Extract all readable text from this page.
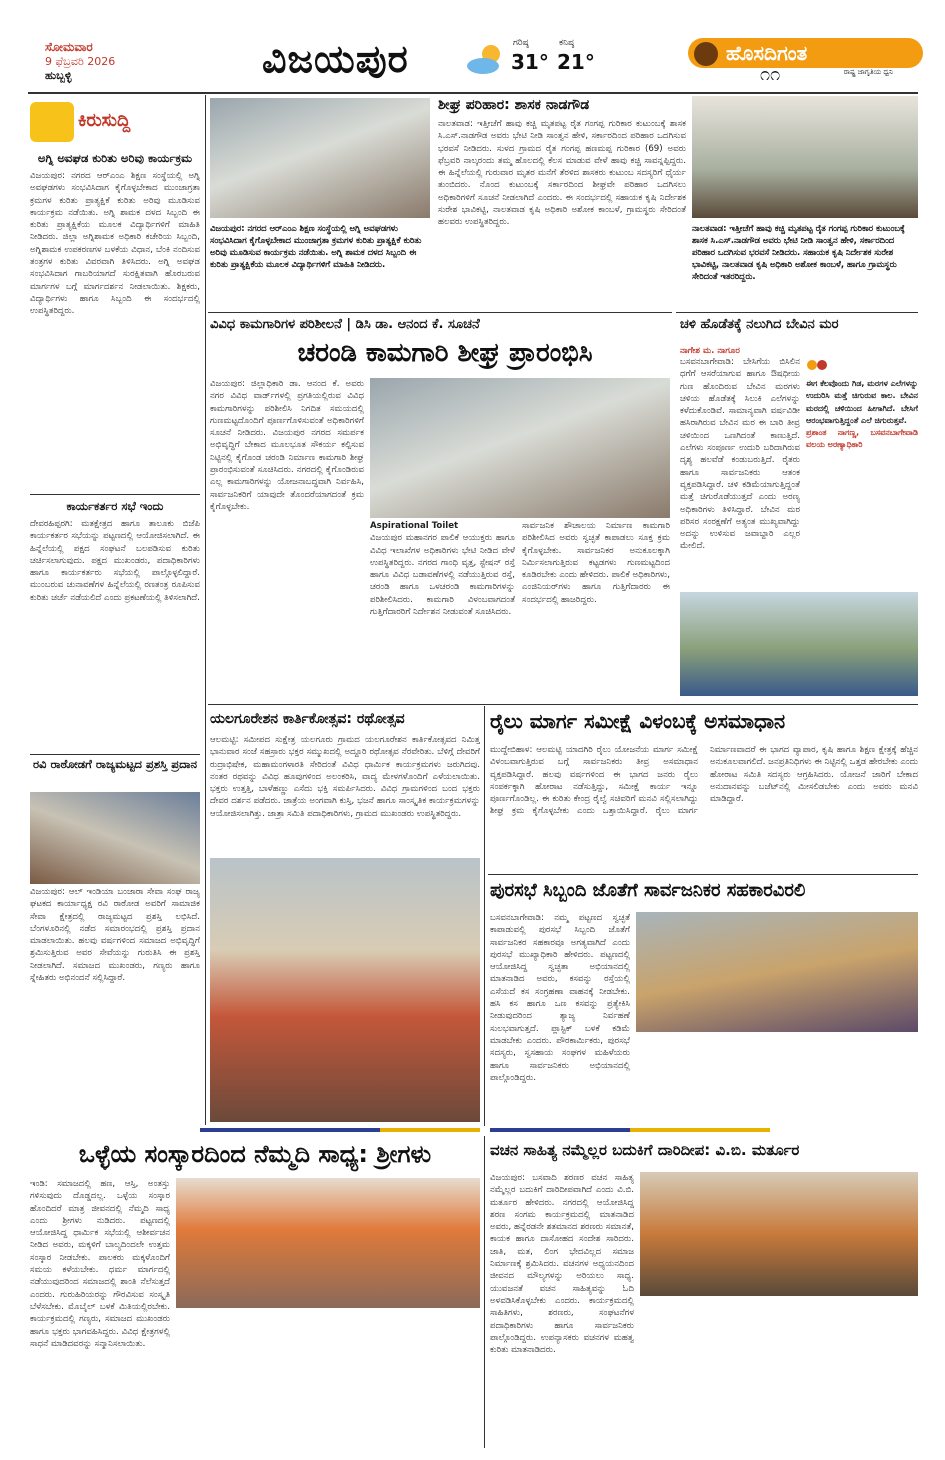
ಸೋಮವಾರ
9 ಫೆಬ್ರವರಿ 2026
ಹುಬ್ಬಳ್ಳಿ	ವಿಜಯಪುರ	ಗರಿಷ್ಠ
31°
ಕನಿಷ್ಠ
21°	ಹೊಸದಿಗಂತ
ರಾಷ್ಟ್ರ ಜಾಗೃತಿಯ ಧ್ವನಿ
೧೧
ಕಿರುಸುದ್ದಿ
ಅಗ್ನಿ ಅವಘಡ ಕುರಿತು ಅರಿವು ಕಾರ್ಯಕ್ರಮ
ವಿಜಯಪುರ: ನಗರದ ಆರ್‌ಎಂಎ ಶಿಕ್ಷಣ ಸಂಸ್ಥೆಯಲ್ಲಿ ಅಗ್ನಿ ಅವಘಡಗಳು ಸಂಭವಿಸಿದಾಗ ಕೈಗೊಳ್ಳಬೇಕಾದ ಮುಂಜಾಗ್ರತಾ ಕ್ರಮಗಳ ಕುರಿತು ಪ್ರಾತ್ಯಕ್ಷಿಕೆ ಕುರಿತು ಅರಿವು ಮೂಡಿಸುವ ಕಾರ್ಯಕ್ರಮ ನಡೆಯಿತು. ಅಗ್ನಿ ಶಾಮಕ ದಳದ ಸಿಬ್ಬಂದಿ ಈ ಕುರಿತು ಪ್ರಾತ್ಯಕ್ಷಿಕೆಯ ಮೂಲಕ ವಿದ್ಯಾರ್ಥಿಗಳಿಗೆ ಮಾಹಿತಿ ನೀಡಿದರು. ಜಿಲ್ಲಾ ಅಗ್ನಿಶಾಮಕ ಅಧಿಕಾರಿ ಕಚೇರಿಯ ಸಿಬ್ಬಂದಿ, ಅಗ್ನಿಶಾಮಕ ಉಪಕರಣಗಳ ಬಳಕೆಯ ವಿಧಾನ, ಬೆಂಕಿ ನಂದಿಸುವ ತಂತ್ರಗಳ ಕುರಿತು ವಿವರವಾಗಿ ತಿಳಿಸಿದರು. ಅಗ್ನಿ ಅವಘಡ ಸಂಭವಿಸಿದಾಗ ಗಾಬರಿಯಾಗದೆ ಸುರಕ್ಷಿತವಾಗಿ ಹೊರಬರುವ ಮಾರ್ಗಗಳ ಬಗ್ಗೆ ಮಾರ್ಗದರ್ಶನ ನೀಡಲಾಯಿತು. ಶಿಕ್ಷಕರು, ವಿದ್ಯಾರ್ಥಿಗಳು ಹಾಗೂ ಸಿಬ್ಬಂದಿ ಈ ಸಂದರ್ಭದಲ್ಲಿ ಉಪಸ್ಥಿತರಿದ್ದರು.
ಕಾರ್ಯಕರ್ತರ ಸಭೆ ಇಂದು
ದೇವರಹಿಪ್ಪರಗಿ: ಮತಕ್ಷೇತ್ರದ ಹಾಗೂ ತಾಲೂಕು ಬಿಜೆಪಿ ಕಾರ್ಯಕರ್ತರ ಸಭೆಯನ್ನು ಪಟ್ಟಣದಲ್ಲಿ ಆಯೋಜಿಸಲಾಗಿದೆ. ಈ ಹಿನ್ನೆಲೆಯಲ್ಲಿ ಪಕ್ಷದ ಸಂಘಟನೆ ಬಲಪಡಿಸುವ ಕುರಿತು ಚರ್ಚಿಸಲಾಗುವುದು. ಪಕ್ಷದ ಮುಖಂಡರು, ಪದಾಧಿಕಾರಿಗಳು ಹಾಗೂ ಕಾರ್ಯಕರ್ತರು ಸಭೆಯಲ್ಲಿ ಪಾಲ್ಗೊಳ್ಳಲಿದ್ದಾರೆ. ಮುಂಬರುವ ಚುನಾವಣೆಗಳ ಹಿನ್ನೆಲೆಯಲ್ಲಿ ರಣತಂತ್ರ ರೂಪಿಸುವ ಕುರಿತು ಚರ್ಚೆ ನಡೆಯಲಿದೆ ಎಂದು ಪ್ರಕಟಣೆಯಲ್ಲಿ ತಿಳಿಸಲಾಗಿದೆ.
ರವಿ ರಾಠೋಡಗೆ ರಾಜ್ಯಮಟ್ಟದ ಪ್ರಶಸ್ತಿ ಪ್ರದಾನ
ವಿಜಯಪುರ: ಆಲ್ ಇಂಡಿಯಾ ಬಂಜಾರಾ ಸೇವಾ ಸಂಘ ರಾಜ್ಯ ಘಟಕದ ಕಾರ್ಯಾಧ್ಯಕ್ಷ ರವಿ ರಾಠೋಡ ಅವರಿಗೆ ಸಾಮಾಜಿಕ ಸೇವಾ ಕ್ಷೇತ್ರದಲ್ಲಿ ರಾಜ್ಯಮಟ್ಟದ ಪ್ರಶಸ್ತಿ ಲಭಿಸಿದೆ. ಬೆಂಗಳೂರಿನಲ್ಲಿ ನಡೆದ ಸಮಾರಂಭದಲ್ಲಿ ಪ್ರಶಸ್ತಿ ಪ್ರದಾನ ಮಾಡಲಾಯಿತು. ಹಲವು ವರ್ಷಗಳಿಂದ ಸಮಾಜದ ಅಭಿವೃದ್ಧಿಗೆ ಶ್ರಮಿಸುತ್ತಿರುವ ಅವರ ಸೇವೆಯನ್ನು ಗುರುತಿಸಿ ಈ ಪ್ರಶಸ್ತಿ ನೀಡಲಾಗಿದೆ. ಸಮಾಜದ ಮುಖಂಡರು, ಗಣ್ಯರು ಹಾಗೂ ಸ್ನೇಹಿತರು ಅಭಿನಂದನೆ ಸಲ್ಲಿಸಿದ್ದಾರೆ.
ವಿಜಯಪುರ: ನಗರದ ಆರ್‌ಎಂಎ ಶಿಕ್ಷಣ ಸಂಸ್ಥೆಯಲ್ಲಿ ಅಗ್ನಿ ಅವಘಡಗಳು ಸಂಭವಿಸಿದಾಗ ಕೈಗೊಳ್ಳಬೇಕಾದ ಮುಂಜಾಗ್ರತಾ ಕ್ರಮಗಳ ಕುರಿತು ಪ್ರಾತ್ಯಕ್ಷಿಕೆ ಕುರಿತು ಅರಿವು ಮೂಡಿಸುವ ಕಾರ್ಯಕ್ರಮ ನಡೆಯಿತು. ಅಗ್ನಿ ಶಾಮಕ ದಳದ ಸಿಬ್ಬಂದಿ ಈ ಕುರಿತು ಪ್ರಾತ್ಯಕ್ಷಿಕೆಯ ಮೂಲಕ ವಿದ್ಯಾರ್ಥಿಗಳಿಗೆ ಮಾಹಿತಿ ನೀಡಿದರು.
ಶೀಘ್ರ ಪರಿಹಾರ: ಶಾಸಕ ನಾಡಗೌಡ
ನಾಲತವಾಡ: ಇತ್ತೀಚೆಗೆ ಹಾವು ಕಚ್ಚಿ ಮೃತಪಟ್ಟ ರೈತ ಗಂಗಪ್ಪ ಗುರಿಕಾರ ಕುಟುಂಬಕ್ಕೆ ಶಾಸಕ ಸಿ.ಎಸ್.ನಾಡಗೌಡ ಅವರು ಭೇಟಿ ನೀಡಿ ಸಾಂತ್ವನ ಹೇಳಿ, ಸರ್ಕಾರದಿಂದ ಪರಿಹಾರ ಒದಗಿಸುವ ಭರವಸೆ ನೀಡಿದರು. ಸುಳದ ಗ್ರಾಮದ ರೈತ ಗಂಗಪ್ಪ ಹಣಮಪ್ಪ ಗುರಿಕಾರ (69) ಅವರು ಫೆಬ್ರವರಿ ನಾಲ್ಕರಂದು ತಮ್ಮ ಹೊಲದಲ್ಲಿ ಕೆಲಸ ಮಾಡುವ ವೇಳೆ ಹಾವು ಕಚ್ಚಿ ಸಾವನ್ನಪ್ಪಿದ್ದರು. ಈ ಹಿನ್ನೆಲೆಯಲ್ಲಿ ಗುರುವಾರ ಮೃತರ ಮನೆಗೆ ತೆರಳಿದ ಶಾಸಕರು ಕುಟುಂಬ ಸದಸ್ಯರಿಗೆ ಧೈರ್ಯ ತುಂಬಿದರು. ನೊಂದ ಕುಟುಂಬಕ್ಕೆ ಸರ್ಕಾರದಿಂದ ಶೀಘ್ರವೇ ಪರಿಹಾರ ಒದಗಿಸಲು ಅಧಿಕಾರಿಗಳಿಗೆ ಸೂಚನೆ ನೀಡಲಾಗಿದೆ ಎಂದರು. ಈ ಸಂದರ್ಭದಲ್ಲಿ ಸಹಾಯಕ ಕೃಷಿ ನಿರ್ದೇಶಕ ಸುರೇಶ ಭಾವಿಕಟ್ಟಿ, ನಾಲತವಾಡ ಕೃಷಿ ಅಧಿಕಾರಿ ಅಶೋಕ ಕಾಂಬಳೆ, ಗ್ರಾಮಸ್ಥರು ಸೇರಿದಂತೆ ಹಲವರು ಉಪಸ್ಥಿತರಿದ್ದರು.
ನಾಲತವಾಡ: ಇತ್ತೀಚೆಗೆ ಹಾವು ಕಚ್ಚಿ ಮೃತಪಟ್ಟ ರೈತ ಗಂಗಪ್ಪ ಗುರಿಕಾರ ಕುಟುಂಬಕ್ಕೆ ಶಾಸಕ ಸಿ.ಎಸ್.ನಾಡಗೌಡ ಅವರು ಭೇಟಿ ನೀಡಿ ಸಾಂತ್ವನ ಹೇಳಿ, ಸರ್ಕಾರದಿಂದ ಪರಿಹಾರ ಒದಗಿಸುವ ಭರವಸೆ ನೀಡಿದರು. ಸಹಾಯಕ ಕೃಷಿ ನಿರ್ದೇಶಕ ಸುರೇಶ ಭಾವಿಕಟ್ಟಿ, ನಾಲತವಾಡ ಕೃಷಿ ಅಧಿಕಾರಿ ಅಶೋಕ ಕಾಂಬಳೆ, ಹಾಗೂ ಗ್ರಾಮಸ್ಥರು ಸೇರಿದಂತೆ ಇತರರಿದ್ದರು.
ವಿವಿಧ ಕಾಮಗಾರಿಗಳ ಪರಿಶೀಲನೆ | ಡಿಸಿ ಡಾ. ಆನಂದ ಕೆ. ಸೂಚನೆ
ಚರಂಡಿ ಕಾಮಗಾರಿ ಶೀಘ್ರ ಪ್ರಾರಂಭಿಸಿ
ವಿಜಯಪುರ: ಜಿಲ್ಲಾಧಿಕಾರಿ ಡಾ. ಆನಂದ ಕೆ. ಅವರು ನಗರ ವಿವಿಧ ವಾರ್ಡ್‌ಗಳಲ್ಲಿ ಪ್ರಗತಿಯಲ್ಲಿರುವ ವಿವಿಧ ಕಾಮಗಾರಿಗಳನ್ನು ಪರಿಶೀಲಿಸಿ ನಿಗದಿತ ಸಮಯದಲ್ಲಿ ಗುಣಮಟ್ಟದೊಂದಿಗೆ ಪೂರ್ಣಗೊಳಿಸುವಂತೆ ಅಧಿಕಾರಿಗಳಿಗೆ ಸೂಚನೆ ನೀಡಿದರು. ವಿಜಯಪುರ ನಗರದ ಸಮರ್ಪಕ ಅಭಿವೃದ್ಧಿಗೆ ಬೇಕಾದ ಮೂಲಭೂತ ಸೌಕರ್ಯ ಕಲ್ಪಿಸುವ ನಿಟ್ಟಿನಲ್ಲಿ ಕೈಗೊಂಡ ಚರಂಡಿ ನಿರ್ಮಾಣ ಕಾಮಗಾರಿ ಶೀಘ್ರ ಪ್ರಾರಂಭಿಸುವಂತೆ ಸೂಚಿಸಿದರು. ನಗರದಲ್ಲಿ ಕೈಗೊಂಡಿರುವ ಎಲ್ಲ ಕಾಮಗಾರಿಗಳನ್ನು ಯೋಜನಾಬದ್ಧವಾಗಿ ನಿರ್ವಹಿಸಿ, ಸಾರ್ವಜನಿಕರಿಗೆ ಯಾವುದೇ ತೊಂದರೆಯಾಗದಂತೆ ಕ್ರಮ ಕೈಗೊಳ್ಳಬೇಕು.
Aspirational Toilet
ವಿಜಯಪುರ ಮಹಾನಗರ ಪಾಲಿಕೆ ಆಯುಕ್ತರು ಹಾಗೂ ವಿವಿಧ ಇಲಾಖೆಗಳ ಅಧಿಕಾರಿಗಳು ಭೇಟಿ ನೀಡಿದ ವೇಳೆ ಉಪಸ್ಥಿತರಿದ್ದರು. ನಗರದ ಗಾಂಧಿ ವೃತ್ತ, ಸ್ಟೇಷನ್ ರಸ್ತೆ ಹಾಗೂ ವಿವಿಧ ಬಡಾವಣೆಗಳಲ್ಲಿ ನಡೆಯುತ್ತಿರುವ ರಸ್ತೆ, ಚರಂಡಿ ಹಾಗೂ ಒಳಚರಂಡಿ ಕಾಮಗಾರಿಗಳನ್ನು ಪರಿಶೀಲಿಸಿದರು. ಕಾಮಗಾರಿ ವಿಳಂಬವಾಗದಂತೆ ಗುತ್ತಿಗೆದಾರರಿಗೆ ನಿರ್ದೇಶನ ನೀಡುವಂತೆ ಸೂಚಿಸಿದರು.
ಸಾರ್ವಜನಿಕ ಶೌಚಾಲಯ ನಿರ್ಮಾಣ ಕಾಮಗಾರಿ ಪರಿಶೀಲಿಸಿದ ಅವರು ಸ್ವಚ್ಛತೆ ಕಾಪಾಡಲು ಸೂಕ್ತ ಕ್ರಮ ಕೈಗೊಳ್ಳಬೇಕು. ಸಾರ್ವಜನಿಕರ ಅನುಕೂಲಕ್ಕಾಗಿ ನಿರ್ಮಿಸಲಾಗುತ್ತಿರುವ ಕಟ್ಟಡಗಳು ಗುಣಮಟ್ಟದಿಂದ ಕೂಡಿರಬೇಕು ಎಂದು ಹೇಳಿದರು. ಪಾಲಿಕೆ ಅಧಿಕಾರಿಗಳು, ಎಂಜಿನಿಯರ್‌ಗಳು ಹಾಗೂ ಗುತ್ತಿಗೆದಾರರು ಈ ಸಂದರ್ಭದಲ್ಲಿ ಹಾಜರಿದ್ದರು.
ಚಳಿ ಹೊಡೆತಕ್ಕೆ ನಲುಗಿದ ಬೇವಿನ ಮರ
ನಾಗೇಶ ಮ. ನಾಗೂರ
ಬಸವನಬಾಗೇವಾಡಿ: ಬೇಸಿಗೆಯ ಬಿಸಿಲಿನ ಧಗೆಗೆ ಆಸರೆಯಾಗುವ ಹಾಗೂ ಔಷಧೀಯ ಗುಣ ಹೊಂದಿರುವ ಬೇವಿನ ಮರಗಳು ಚಳಿಯ ಹೊಡೆತಕ್ಕೆ ಸಿಲುಕಿ ಎಲೆಗಳನ್ನು ಕಳೆದುಕೊಂಡಿವೆ. ಸಾಮಾನ್ಯವಾಗಿ ವರ್ಷವಿಡೀ ಹಸಿರಾಗಿರುವ ಬೇವಿನ ಮರ ಈ ಬಾರಿ ತೀವ್ರ ಚಳಿಯಿಂದ ಒಣಗಿದಂತೆ ಕಾಣುತ್ತಿದೆ. ಎಲೆಗಳು ಸಂಪೂರ್ಣ ಉದುರಿ ಬರಿದಾಗಿರುವ ದೃಶ್ಯ ಹಲವೆಡೆ ಕಂಡುಬರುತ್ತಿದೆ. ರೈತರು ಹಾಗೂ ಸಾರ್ವಜನಿಕರು ಆತಂಕ ವ್ಯಕ್ತಪಡಿಸಿದ್ದಾರೆ. ಚಳಿ ಕಡಿಮೆಯಾಗುತ್ತಿದ್ದಂತೆ ಮತ್ತೆ ಚಿಗುರೊಡೆಯುತ್ತದೆ ಎಂದು ಅರಣ್ಯ ಅಧಿಕಾರಿಗಳು ತಿಳಿಸಿದ್ದಾರೆ. ಬೇವಿನ ಮರ ಪರಿಸರ ಸಂರಕ್ಷಣೆಗೆ ಅತ್ಯಂತ ಮುಖ್ಯವಾಗಿದ್ದು ಅದನ್ನು ಉಳಿಸುವ ಜವಾಬ್ದಾರಿ ಎಲ್ಲರ ಮೇಲಿದೆ.
ಈಗ ಕೆಲವೊಂದು ಗಿಡ, ಮರಗಳ ಎಲೆಗಳನ್ನು ಉದುರಿಸಿ ಮತ್ತೆ ಚಿಗುರುವ ಕಾಲ. ಬೇವಿನ ಮರದಲ್ಲಿ ಚಳಿಯಿಂದ ಹೀಗಾಗಿದೆ. ಬೇಸಿಗೆ ಆರಂಭವಾಗುತ್ತಿದ್ದಂತೆ ಎಲೆ ಚಿಗುರುತ್ತವೆ.
ಪ್ರಶಾಂತ ನಾಗಣ್ಣ, ಬಸವನಬಾಗೇವಾಡಿ ವಲಯ ಅರಣ್ಯಾಧಿಕಾರಿ
ಯಲಗೂರೇಶನ ಕಾರ್ತಿಕೋತ್ಸವ: ರಥೋತ್ಸವ
ಆಲಮಟ್ಟಿ: ಸಮೀಪದ ಸುಕ್ಷೇತ್ರ ಯಲಗೂರು ಗ್ರಾಮದ ಯಲಗೂರೇಶನ ಕಾರ್ತಿಕೋತ್ಸವದ ನಿಮಿತ್ತ ಭಾನುವಾರ ಸಂಜೆ ಸಹಸ್ರಾರು ಭಕ್ತರ ಸಮ್ಮುಖದಲ್ಲಿ ಅದ್ದೂರಿ ರಥೋತ್ಸವ ನೆರವೇರಿತು. ಬೆಳಿಗ್ಗೆ ದೇವರಿಗೆ ರುದ್ರಾಭಿಷೇಕ, ಮಹಾಮಂಗಳಾರತಿ ಸೇರಿದಂತೆ ವಿವಿಧ ಧಾರ್ಮಿಕ ಕಾರ್ಯಕ್ರಮಗಳು ಜರುಗಿದವು. ನಂತರ ರಥವನ್ನು ವಿವಿಧ ಹೂವುಗಳಿಂದ ಅಲಂಕರಿಸಿ, ವಾದ್ಯ ಮೇಳಗಳೊಂದಿಗೆ ಎಳೆಯಲಾಯಿತು. ಭಕ್ತರು ಉತ್ತತ್ತಿ, ಬಾಳೆಹಣ್ಣು ಎಸೆದು ಭಕ್ತಿ ಸಮರ್ಪಿಸಿದರು. ವಿವಿಧ ಗ್ರಾಮಗಳಿಂದ ಬಂದ ಭಕ್ತರು ದೇವರ ದರ್ಶನ ಪಡೆದರು. ಜಾತ್ರೆಯ ಅಂಗವಾಗಿ ಕುಸ್ತಿ, ಭಜನೆ ಹಾಗೂ ಸಾಂಸ್ಕೃತಿಕ ಕಾರ್ಯಕ್ರಮಗಳನ್ನು ಆಯೋಜಿಸಲಾಗಿತ್ತು. ಜಾತ್ರಾ ಸಮಿತಿ ಪದಾಧಿಕಾರಿಗಳು, ಗ್ರಾಮದ ಮುಖಂಡರು ಉಪಸ್ಥಿತರಿದ್ದರು.
ರೈಲು ಮಾರ್ಗ ಸಮೀಕ್ಷೆ ವಿಳಂಬಕ್ಕೆ ಅಸಮಾಧಾನ
ಮುದ್ದೇಬಿಹಾಳ: ಆಲಮಟ್ಟಿ ಯಾದಗಿರಿ ರೈಲು ಯೋಜನೆಯ ಮಾರ್ಗ ಸಮೀಕ್ಷೆ ವಿಳಂಬವಾಗುತ್ತಿರುವ ಬಗ್ಗೆ ಸಾರ್ವಜನಿಕರು ತೀವ್ರ ಅಸಮಾಧಾನ ವ್ಯಕ್ತಪಡಿಸಿದ್ದಾರೆ. ಹಲವು ವರ್ಷಗಳಿಂದ ಈ ಭಾಗದ ಜನರು ರೈಲು ಸಂಪರ್ಕಕ್ಕಾಗಿ ಹೋರಾಟ ನಡೆಸುತ್ತಿದ್ದು, ಸಮೀಕ್ಷೆ ಕಾರ್ಯ ಇನ್ನೂ ಪೂರ್ಣಗೊಂಡಿಲ್ಲ. ಈ ಕುರಿತು ಕೇಂದ್ರ ರೈಲ್ವೆ ಸಚಿವರಿಗೆ ಮನವಿ ಸಲ್ಲಿಸಲಾಗಿದ್ದು ಶೀಘ್ರ ಕ್ರಮ ಕೈಗೊಳ್ಳಬೇಕು ಎಂದು ಒತ್ತಾಯಿಸಿದ್ದಾರೆ. ರೈಲು ಮಾರ್ಗ ನಿರ್ಮಾಣವಾದರೆ ಈ ಭಾಗದ ವ್ಯಾಪಾರ, ಕೃಷಿ ಹಾಗೂ ಶಿಕ್ಷಣ ಕ್ಷೇತ್ರಕ್ಕೆ ಹೆಚ್ಚಿನ ಅನುಕೂಲವಾಗಲಿದೆ. ಜನಪ್ರತಿನಿಧಿಗಳು ಈ ನಿಟ್ಟಿನಲ್ಲಿ ಒತ್ತಡ ಹೇರಬೇಕು ಎಂದು ಹೋರಾಟ ಸಮಿತಿ ಸದಸ್ಯರು ಆಗ್ರಹಿಸಿದರು. ಯೋಜನೆ ಜಾರಿಗೆ ಬೇಕಾದ ಅನುದಾನವನ್ನು ಬಜೆಟ್‌ನಲ್ಲಿ ಮೀಸಲಿಡಬೇಕು ಎಂದು ಅವರು ಮನವಿ ಮಾಡಿದ್ದಾರೆ.
ಪುರಸಭೆ ಸಿಬ್ಬಂದಿ ಜೊತೆಗೆ ಸಾರ್ವಜನಿಕರ ಸಹಕಾರವಿರಲಿ
ಬಸವನಬಾಗೇವಾಡಿ: ನಮ್ಮ ಪಟ್ಟಣದ ಸ್ವಚ್ಛತೆ ಕಾಪಾಡುವಲ್ಲಿ ಪುರಸಭೆ ಸಿಬ್ಬಂದಿ ಜೊತೆಗೆ ಸಾರ್ವಜನಿಕರ ಸಹಕಾರವೂ ಅಗತ್ಯವಾಗಿದೆ ಎಂದು ಪುರಸಭೆ ಮುಖ್ಯಾಧಿಕಾರಿ ಹೇಳಿದರು. ಪಟ್ಟಣದಲ್ಲಿ ಆಯೋಜಿಸಿದ್ದ ಸ್ವಚ್ಛತಾ ಅಭಿಯಾನದಲ್ಲಿ ಮಾತನಾಡಿದ ಅವರು, ಕಸವನ್ನು ರಸ್ತೆಯಲ್ಲಿ ಎಸೆಯದೆ ಕಸ ಸಂಗ್ರಹಣಾ ವಾಹನಕ್ಕೆ ನೀಡಬೇಕು. ಹಸಿ ಕಸ ಹಾಗೂ ಒಣ ಕಸವನ್ನು ಪ್ರತ್ಯೇಕಿಸಿ ನೀಡುವುದರಿಂದ ತ್ಯಾಜ್ಯ ನಿರ್ವಹಣೆ ಸುಲಭವಾಗುತ್ತದೆ. ಪ್ಲಾಸ್ಟಿಕ್ ಬಳಕೆ ಕಡಿಮೆ ಮಾಡಬೇಕು ಎಂದರು. ಪೌರಕಾರ್ಮಿಕರು, ಪುರಸಭೆ ಸದಸ್ಯರು, ಸ್ವಸಹಾಯ ಸಂಘಗಳ ಮಹಿಳೆಯರು ಹಾಗೂ ಸಾರ್ವಜನಿಕರು ಅಭಿಯಾನದಲ್ಲಿ ಪಾಲ್ಗೊಂಡಿದ್ದರು.
ಒಳ್ಳೆಯ ಸಂಸ್ಕಾರದಿಂದ ನೆಮ್ಮದಿ ಸಾಧ್ಯ: ಶ್ರೀಗಳು
ಇಂಡಿ: ಸಮಾಜದಲ್ಲಿ ಹಣ, ಆಸ್ತಿ, ಅಂತಸ್ತು ಗಳಿಸುವುದು ದೊಡ್ಡದಲ್ಲ. ಒಳ್ಳೆಯ ಸಂಸ್ಕಾರ ಹೊಂದಿದರೆ ಮಾತ್ರ ಜೀವನದಲ್ಲಿ ನೆಮ್ಮದಿ ಸಾಧ್ಯ ಎಂದು ಶ್ರೀಗಳು ನುಡಿದರು. ಪಟ್ಟಣದಲ್ಲಿ ಆಯೋಜಿಸಿದ್ದ ಧಾರ್ಮಿಕ ಸಭೆಯಲ್ಲಿ ಆಶೀರ್ವಚನ ನೀಡಿದ ಅವರು, ಮಕ್ಕಳಿಗೆ ಬಾಲ್ಯದಿಂದಲೇ ಉತ್ತಮ ಸಂಸ್ಕಾರ ನೀಡಬೇಕು. ಪಾಲಕರು ಮಕ್ಕಳೊಂದಿಗೆ ಸಮಯ ಕಳೆಯಬೇಕು. ಧರ್ಮ ಮಾರ್ಗದಲ್ಲಿ ನಡೆಯುವುದರಿಂದ ಸಮಾಜದಲ್ಲಿ ಶಾಂತಿ ನೆಲೆಸುತ್ತದೆ ಎಂದರು. ಗುರುಹಿರಿಯರನ್ನು ಗೌರವಿಸುವ ಸಂಸ್ಕೃತಿ ಬೆಳೆಸಬೇಕು. ಮೊಬೈಲ್ ಬಳಕೆ ಮಿತಿಯಲ್ಲಿರಬೇಕು. ಕಾರ್ಯಕ್ರಮದಲ್ಲಿ ಗಣ್ಯರು, ಸಮಾಜದ ಮುಖಂಡರು ಹಾಗೂ ಭಕ್ತರು ಭಾಗವಹಿಸಿದ್ದರು. ವಿವಿಧ ಕ್ಷೇತ್ರಗಳಲ್ಲಿ ಸಾಧನೆ ಮಾಡಿದವರನ್ನು ಸನ್ಮಾನಿಸಲಾಯಿತು.
ವಚನ ಸಾಹಿತ್ಯ ನಮ್ಮೆಲ್ಲರ ಬದುಕಿಗೆ ದಾರಿದೀಪ: ವಿ.ಬಿ. ಮರ್ತೂರ
ವಿಜಯಪುರ: ಬಸವಾದಿ ಶರಣರ ವಚನ ಸಾಹಿತ್ಯ ನಮ್ಮೆಲ್ಲರ ಬದುಕಿಗೆ ದಾರಿದೀಪವಾಗಿದೆ ಎಂದು ವಿ.ಬಿ. ಮರ್ತೂರ ಹೇಳಿದರು. ನಗರದಲ್ಲಿ ಆಯೋಜಿಸಿದ್ದ ಶರಣ ಸಂಗಮ ಕಾರ್ಯಕ್ರಮದಲ್ಲಿ ಮಾತನಾಡಿದ ಅವರು, ಹನ್ನೆರಡನೇ ಶತಮಾನದ ಶರಣರು ಸಮಾನತೆ, ಕಾಯಕ ಹಾಗೂ ದಾಸೋಹದ ಸಂದೇಶ ಸಾರಿದರು. ಜಾತಿ, ಮತ, ಲಿಂಗ ಭೇದವಿಲ್ಲದ ಸಮಾಜ ನಿರ್ಮಾಣಕ್ಕೆ ಶ್ರಮಿಸಿದರು. ವಚನಗಳ ಅಧ್ಯಯನದಿಂದ ಜೀವನದ ಮೌಲ್ಯಗಳನ್ನು ಅರಿಯಲು ಸಾಧ್ಯ. ಯುವಜನತೆ ವಚನ ಸಾಹಿತ್ಯವನ್ನು ಓದಿ ಅಳವಡಿಸಿಕೊಳ್ಳಬೇಕು ಎಂದರು. ಕಾರ್ಯಕ್ರಮದಲ್ಲಿ ಸಾಹಿತಿಗಳು, ಶರಣರು, ಸಂಘಟನೆಗಳ ಪದಾಧಿಕಾರಿಗಳು ಹಾಗೂ ಸಾರ್ವಜನಿಕರು ಪಾಲ್ಗೊಂಡಿದ್ದರು. ಉಪನ್ಯಾಸಕರು ವಚನಗಳ ಮಹತ್ವ ಕುರಿತು ಮಾತನಾಡಿದರು.
